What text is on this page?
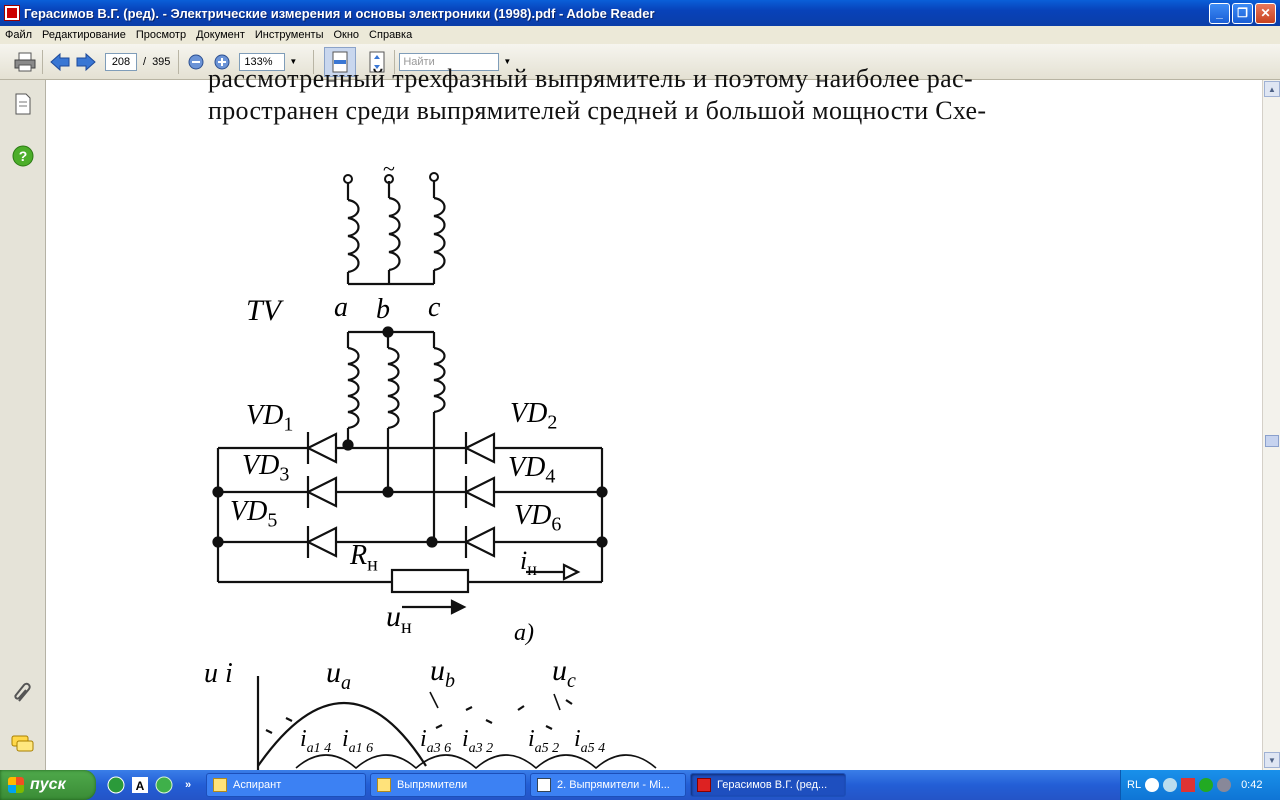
Герасимов В.Г. (ред). - Электрические измерения и основы электроники (1998).pdf - Adobe Reader	_ ❐ ✕
Файл Редактирование Просмотр Документ Инструменты Окно Справка
208	/ 395	133%	▼	Найти	▼
?
рассмотренный трехфазный выпрямитель и поэтому наиболее рас-
пространен среди выпрямителей средней и большой мощности Схе-
~
TV a b c
$VD_1$	$VD_2$
$VD_3$	$VD_4$
$VD_5$	$VD_6$
$R_н$	$i_н$
$u_н$	a)
u i	$u_a$	$u_b$	$u_c$
$i_{a1 4}$ $i_{a1 6}$ $i_{a3 6}$ $i_{a3 2}$ $i_{a5 2}$ $i_{a5 4}$
▲
▼
пуск	A	»	Аспирант	Выпрямители	2. Выпрямители - Mi...	Герасимов В.Г. (ред...	RL	0:42
